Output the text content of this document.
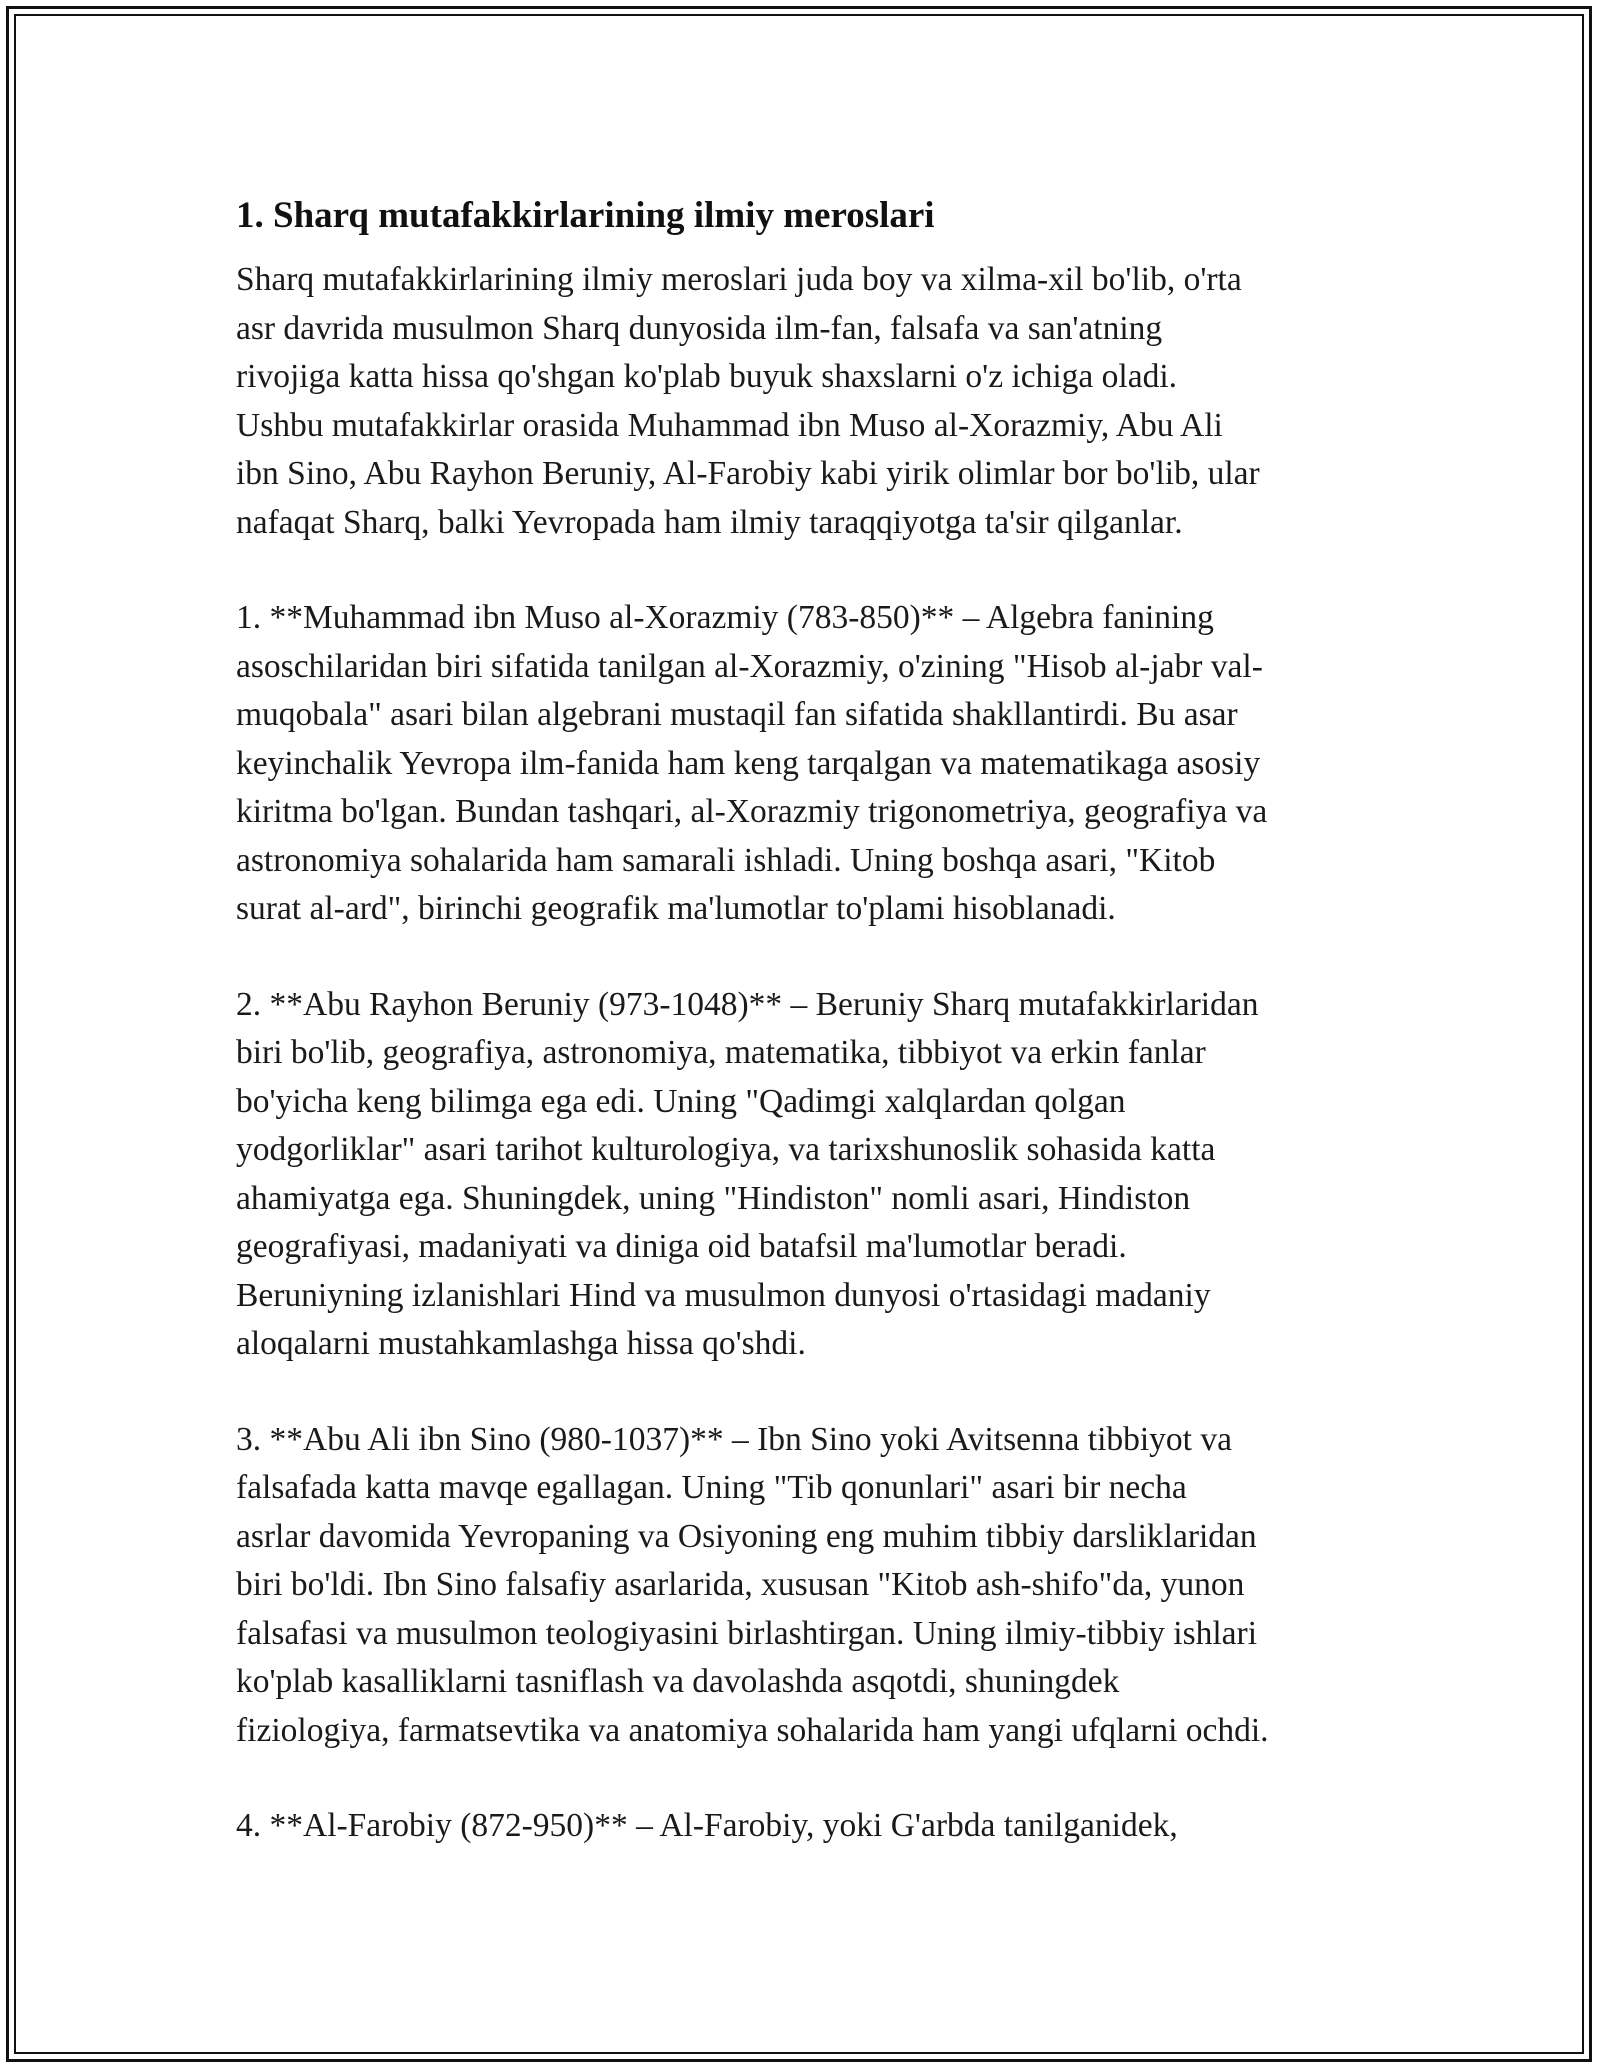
1. Sharq mutafakkirlarining ilmiy meroslari

Sharq mutafakkirlarining ilmiy meroslari juda boy va xilma-xil bo'lib, o'rta
asr davrida musulmon Sharq dunyosida ilm-fan, falsafa va san'atning
rivojiga katta hissa qo'shgan ko'plab buyuk shaxslarni o'z ichiga oladi.
Ushbu mutafakkirlar orasida Muhammad ibn Muso al-Xorazmiy, Abu Ali
ibn Sino, Abu Rayhon Beruniy, Al-Farobiy kabi yirik olimlar bor bo'lib, ular
nafaqat Sharq, balki Yevropada ham ilmiy taraqqiyotga ta'sir qilganlar.

1. **Muhammad ibn Muso al-Xorazmiy (783-850)** – Algebra fanining
asoschilaridan biri sifatida tanilgan al-Xorazmiy, o'zining "Hisob al-jabr val-
muqobala" asari bilan algebrani mustaqil fan sifatida shakllantirdi. Bu asar
keyinchalik Yevropa ilm-fanida ham keng tarqalgan va matematikaga asosiy
kiritma bo'lgan. Bundan tashqari, al-Xorazmiy trigonometriya, geografiya va
astronomiya sohalarida ham samarali ishladi. Uning boshqa asari, "Kitob
surat al-ard", birinchi geografik ma'lumotlar to'plami hisoblanadi.

2. **Abu Rayhon Beruniy (973-1048)** – Beruniy Sharq mutafakkirlaridan
biri bo'lib, geografiya, astronomiya, matematika, tibbiyot va erkin fanlar
bo'yicha keng bilimga ega edi. Uning "Qadimgi xalqlardan qolgan
yodgorliklar" asari tarihot kulturologiya, va tarixshunoslik sohasida katta
ahamiyatga ega. Shuningdek, uning "Hindiston" nomli asari, Hindiston
geografiyasi, madaniyati va diniga oid batafsil ma'lumotlar beradi.
Beruniyning izlanishlari Hind va musulmon dunyosi o'rtasidagi madaniy
aloqalarni mustahkamlashga hissa qo'shdi.

3. **Abu Ali ibn Sino (980-1037)** – Ibn Sino yoki Avitsenna tibbiyot va
falsafada katta mavqe egallagan. Uning "Tib qonunlari" asari bir necha
asrlar davomida Yevropaning va Osiyoning eng muhim tibbiy darsliklaridan
biri bo'ldi. Ibn Sino falsafiy asarlarida, xususan "Kitob ash-shifo"da, yunon
falsafasi va musulmon teologiyasini birlashtirgan. Uning ilmiy-tibbiy ishlari
ko'plab kasalliklarni tasniflash va davolashda asqotdi, shuningdek
fiziologiya, farmatsevtika va anatomiya sohalarida ham yangi ufqlarni ochdi.

4. **Al-Farobiy (872-950)** – Al-Farobiy, yoki G'arbda tanilganidek,
